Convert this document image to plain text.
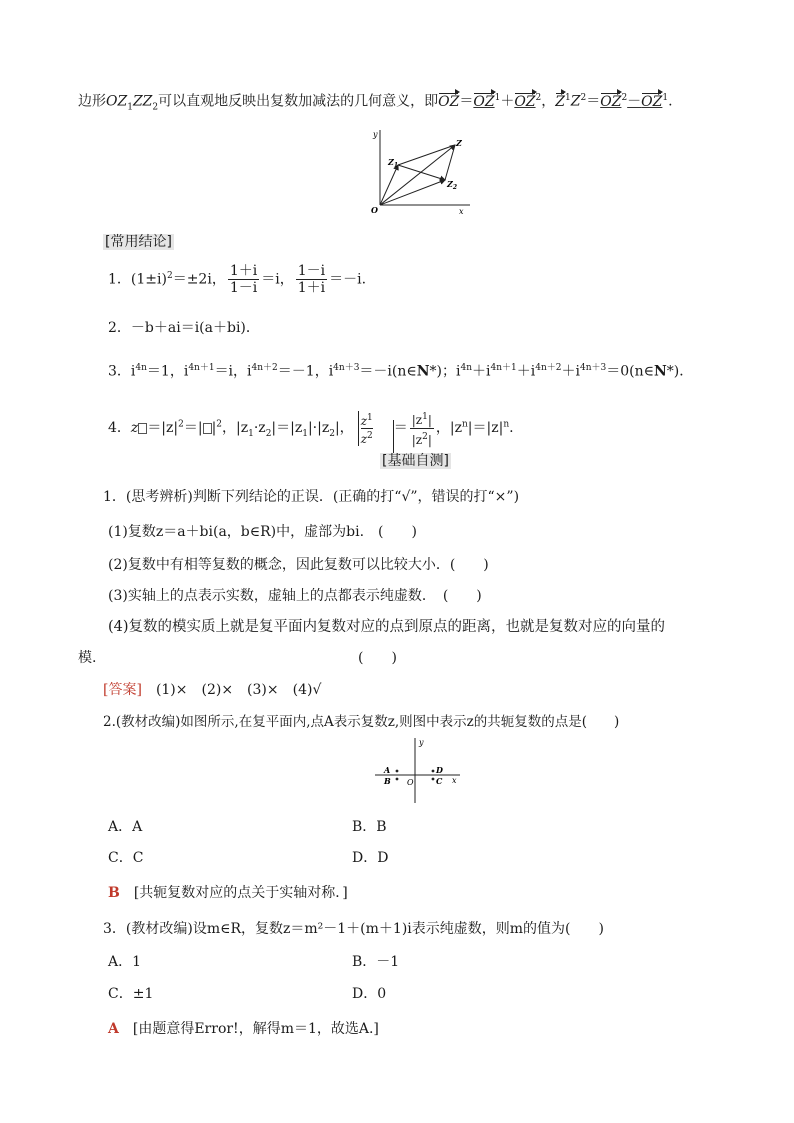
边形$OZ_1ZZ_2$可以直观地反映出复数加减法的几何意义，即$OZ=OZ^1+OZ^2$，$Z^1Z^2=OZ^2-OZ^1$.
y
x
O
Z
$Z_1$
$Z_2$
[常用结论]
1．$(1\pm i)^2=\pm 2i$， $\frac{1+i}{1-i} =i$， $\frac{1-i}{1+i} =-i$.
2．－b＋ai＝i(a＋bi)．
3．$i^{4n}=1$，$i^{4n+1}=i$，$i^{4n+2}=-1$，$i^{4n+3}=-i(n\in N*)$；$i^{4n}+i^{4n+1}+i^{4n+2}+i^{4n+3}=0(n\in N*)$．
4．$z =|z|^2=|$ $|^2$，$|z_1\cdot z_2|=|z_1|\cdot|z_2|$， $\frac{z^1}{z^2} = \frac{|z^1|}{|z^2|}$ ，$|z^n|=|z|^n$.
[基础自测]
1．(思考辨析)判断下列结论的正误．(正确的打“√”，错误的打“×”)
(1)复数z＝a＋bi(a，b∈R)中，虚部为bi.　(　　)
(2)复数中有相等复数的概念，因此复数可以比较大小．(　　)
(3)实轴上的点表示实数，虚轴上的点都表示纯虚数．　(　　)
(4)复数的模实质上就是复平面内复数对应的点到原点的距离，也就是复数对应的向量的
模.	(　　)
[答案]　 (1)×　(2)×　(3)×　(4)√
2.(教材改编)如图所示,在复平面内,点A表示复数z,则图中表示z的共轭复数的点是(　　)
y
x
O
A
B
D
C
A．A	B．B
C．C	D．D
B　 [共轭复数对应的点关于实轴对称．]
3．(教材改编)设m∈R，复数z＝m²－1＋(m＋1)i表示纯虚数，则m的值为(　　)
A．1	B．－1
C．±1	D．0
A　 [由题意得Error!，解得m＝1，故选A.]
